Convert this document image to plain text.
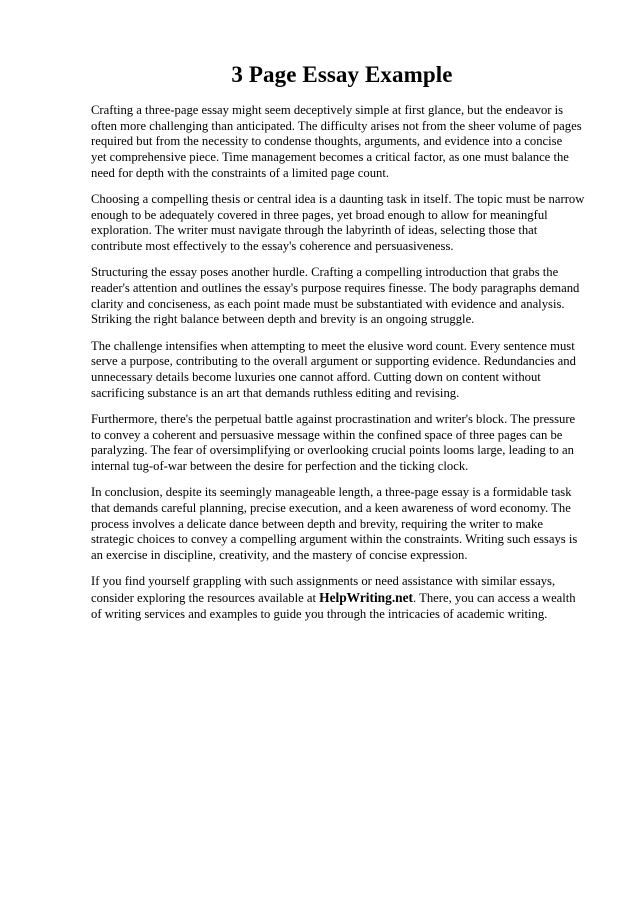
3 Page Essay Example

Crafting a three-page essay might seem deceptively simple at first glance, but the endeavor is
often more challenging than anticipated. The difficulty arises not from the sheer volume of pages
required but from the necessity to condense thoughts, arguments, and evidence into a concise
yet comprehensive piece. Time management becomes a critical factor, as one must balance the
need for depth with the constraints of a limited page count.

Choosing a compelling thesis or central idea is a daunting task in itself. The topic must be narrow
enough to be adequately covered in three pages, yet broad enough to allow for meaningful
exploration. The writer must navigate through the labyrinth of ideas, selecting those that
contribute most effectively to the essay's coherence and persuasiveness.

Structuring the essay poses another hurdle. Crafting a compelling introduction that grabs the
reader's attention and outlines the essay's purpose requires finesse. The body paragraphs demand
clarity and conciseness, as each point made must be substantiated with evidence and analysis.
Striking the right balance between depth and brevity is an ongoing struggle.

The challenge intensifies when attempting to meet the elusive word count. Every sentence must
serve a purpose, contributing to the overall argument or supporting evidence. Redundancies and
unnecessary details become luxuries one cannot afford. Cutting down on content without
sacrificing substance is an art that demands ruthless editing and revising.

Furthermore, there's the perpetual battle against procrastination and writer's block. The pressure
to convey a coherent and persuasive message within the confined space of three pages can be
paralyzing. The fear of oversimplifying or overlooking crucial points looms large, leading to an
internal tug-of-war between the desire for perfection and the ticking clock.

In conclusion, despite its seemingly manageable length, a three-page essay is a formidable task
that demands careful planning, precise execution, and a keen awareness of word economy. The
process involves a delicate dance between depth and brevity, requiring the writer to make
strategic choices to convey a compelling argument within the constraints. Writing such essays is
an exercise in discipline, creativity, and the mastery of concise expression.

If you find yourself grappling with such assignments or need assistance with similar essays,
consider exploring the resources available at HelpWriting.net. There, you can access a wealth
of writing services and examples to guide you through the intricacies of academic writing.
